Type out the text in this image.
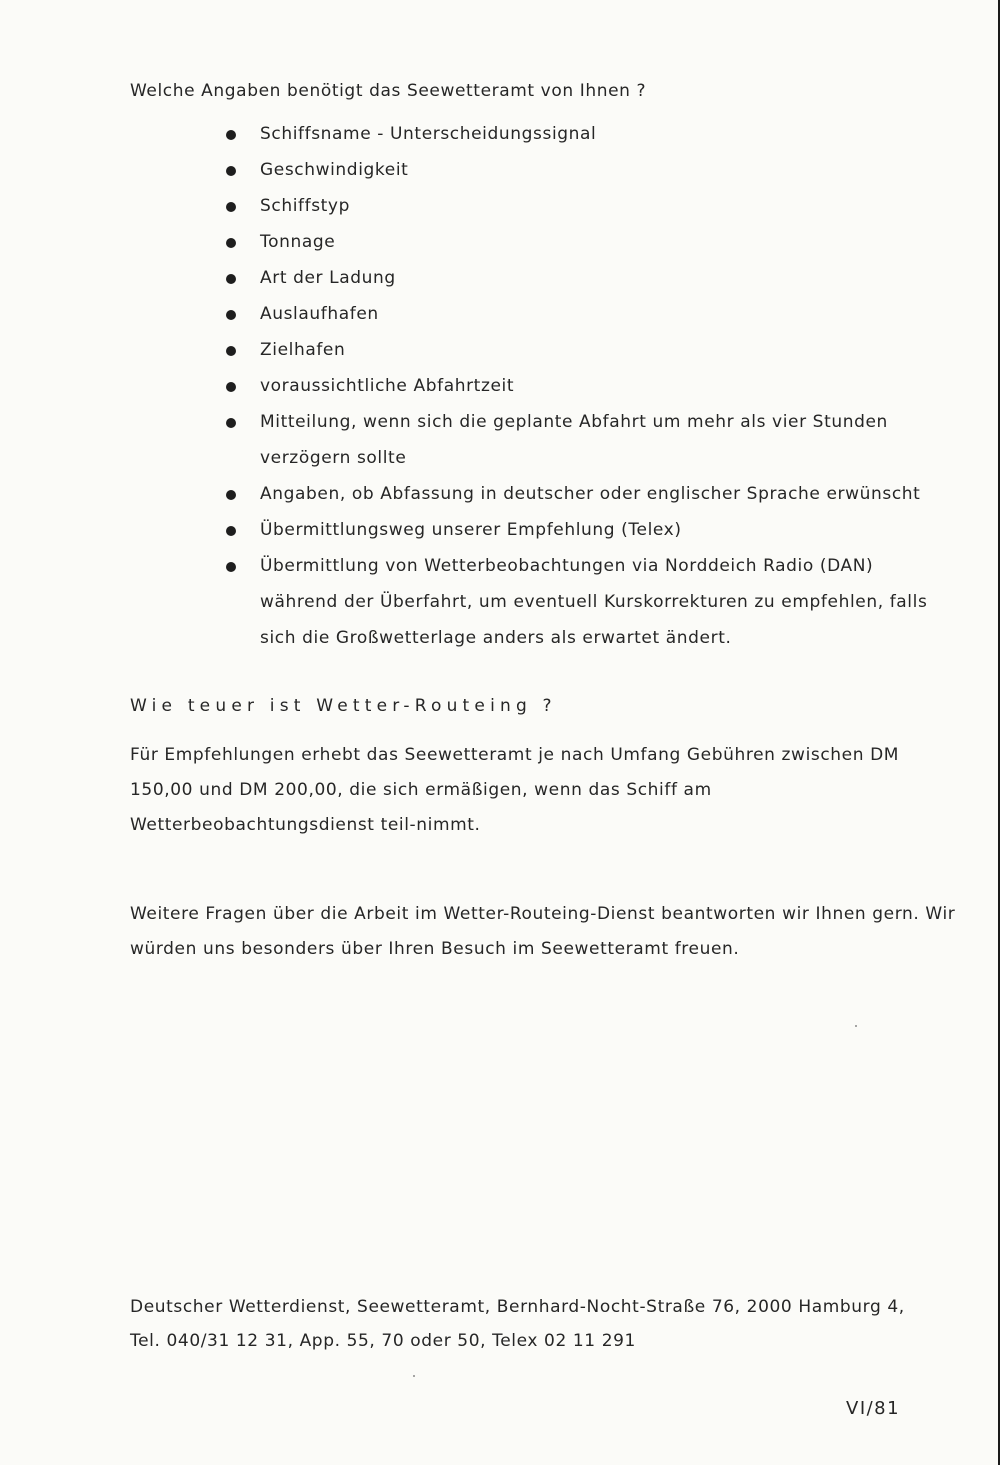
Welche Angaben benötigt das Seewetteramt von Ihnen ?
Schiffsname - Unterscheidungssignal
Geschwindigkeit
Schiffstyp
Tonnage
Art der Ladung
Auslaufhafen
Zielhafen
voraussichtliche Abfahrtzeit
Mitteilung, wenn sich die geplante Abfahrt um mehr als vier Stunden verzögern sollte
Angaben, ob Abfassung in deutscher oder englischer Sprache erwünscht
Übermittlungsweg unserer Empfehlung (Telex)
Übermittlung von Wetterbeobachtungen via Norddeich Radio (DAN) während der Überfahrt, um eventuell Kurskorrekturen zu empfehlen, falls sich die Großwetterlage anders als erwartet ändert.
Wie teuer ist Wetter-Routeing ?
Für Empfehlungen erhebt das Seewetteramt je nach Umfang Gebühren zwischen DM 150,00 und DM 200,00, die sich ermäßigen, wenn das Schiff am Wetterbeobachtungsdienst teil-nimmt.
Weitere Fragen über die Arbeit im Wetter-Routeing-Dienst beantworten wir Ihnen gern. Wir würden uns besonders über Ihren Besuch im Seewetteramt freuen.
Deutscher Wetterdienst, Seewetteramt, Bernhard-Nocht-Straße 76, 2000 Hamburg 4,
Tel. 040/31 12 31, App. 55, 70 oder 50, Telex 02 11 291
VI/81
